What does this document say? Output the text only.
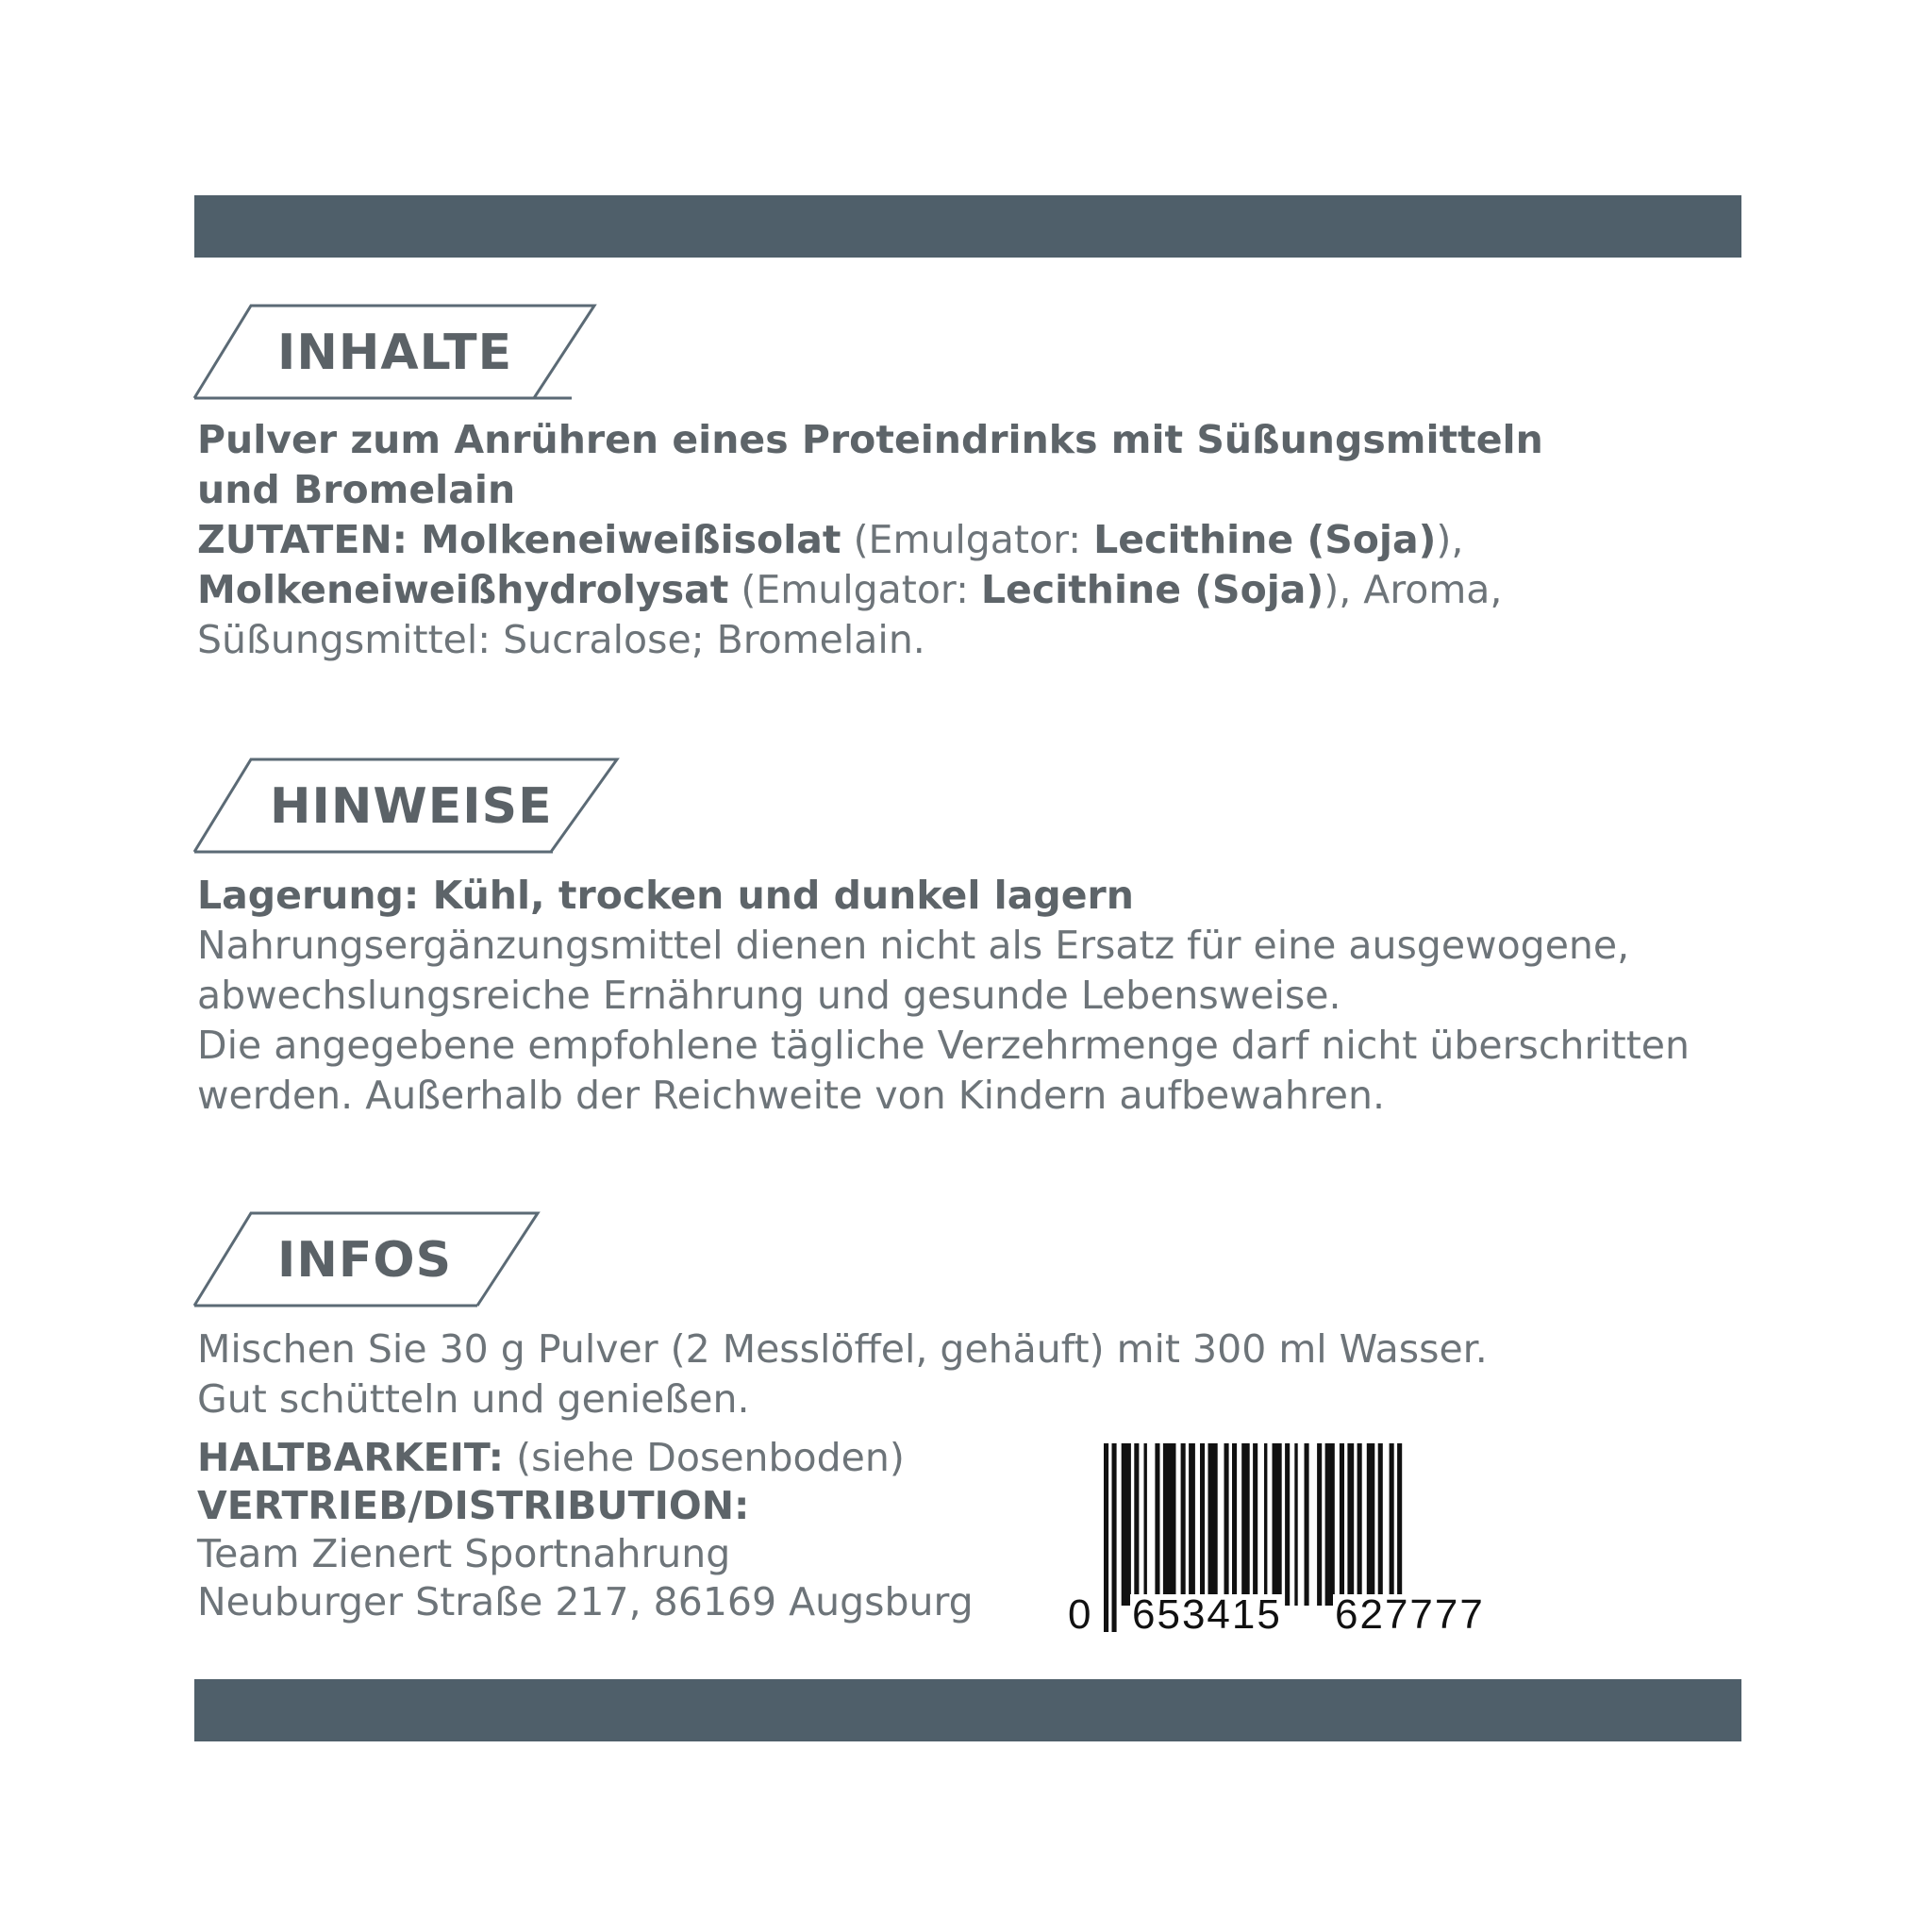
INHALTE
Pulver zum Anrühren eines Proteindrinks mit Süßungsmitteln
und Bromelain
ZUTATEN: Molkeneiweißisolat (Emulgator: Lecithine (Soja)),
Molkeneiweißhydrolysat (Emulgator: Lecithine (Soja)), Aroma,
Süßungsmittel: Sucralose; Bromelain.
HINWEISE
Lagerung: Kühl, trocken und dunkel lagern
Nahrungsergänzungsmittel dienen nicht als Ersatz für eine ausgewogene,
abwechslungsreiche Ernährung und gesunde Lebensweise.
Die angegebene empfohlene tägliche Verzehrmenge darf nicht überschritten
werden. Außerhalb der Reichweite von Kindern aufbewahren.
INFOS
Mischen Sie 30 g Pulver (2 Messlöffel, gehäuft) mit 300 ml Wasser.
Gut schütteln und genießen.
HALTBARKEIT: (siehe Dosenboden)
VERTRIEB/DISTRIBUTION:
Team Zienert Sportnahrung
Neuburger Straße 217, 86169 Augsburg 0 653415 627777
